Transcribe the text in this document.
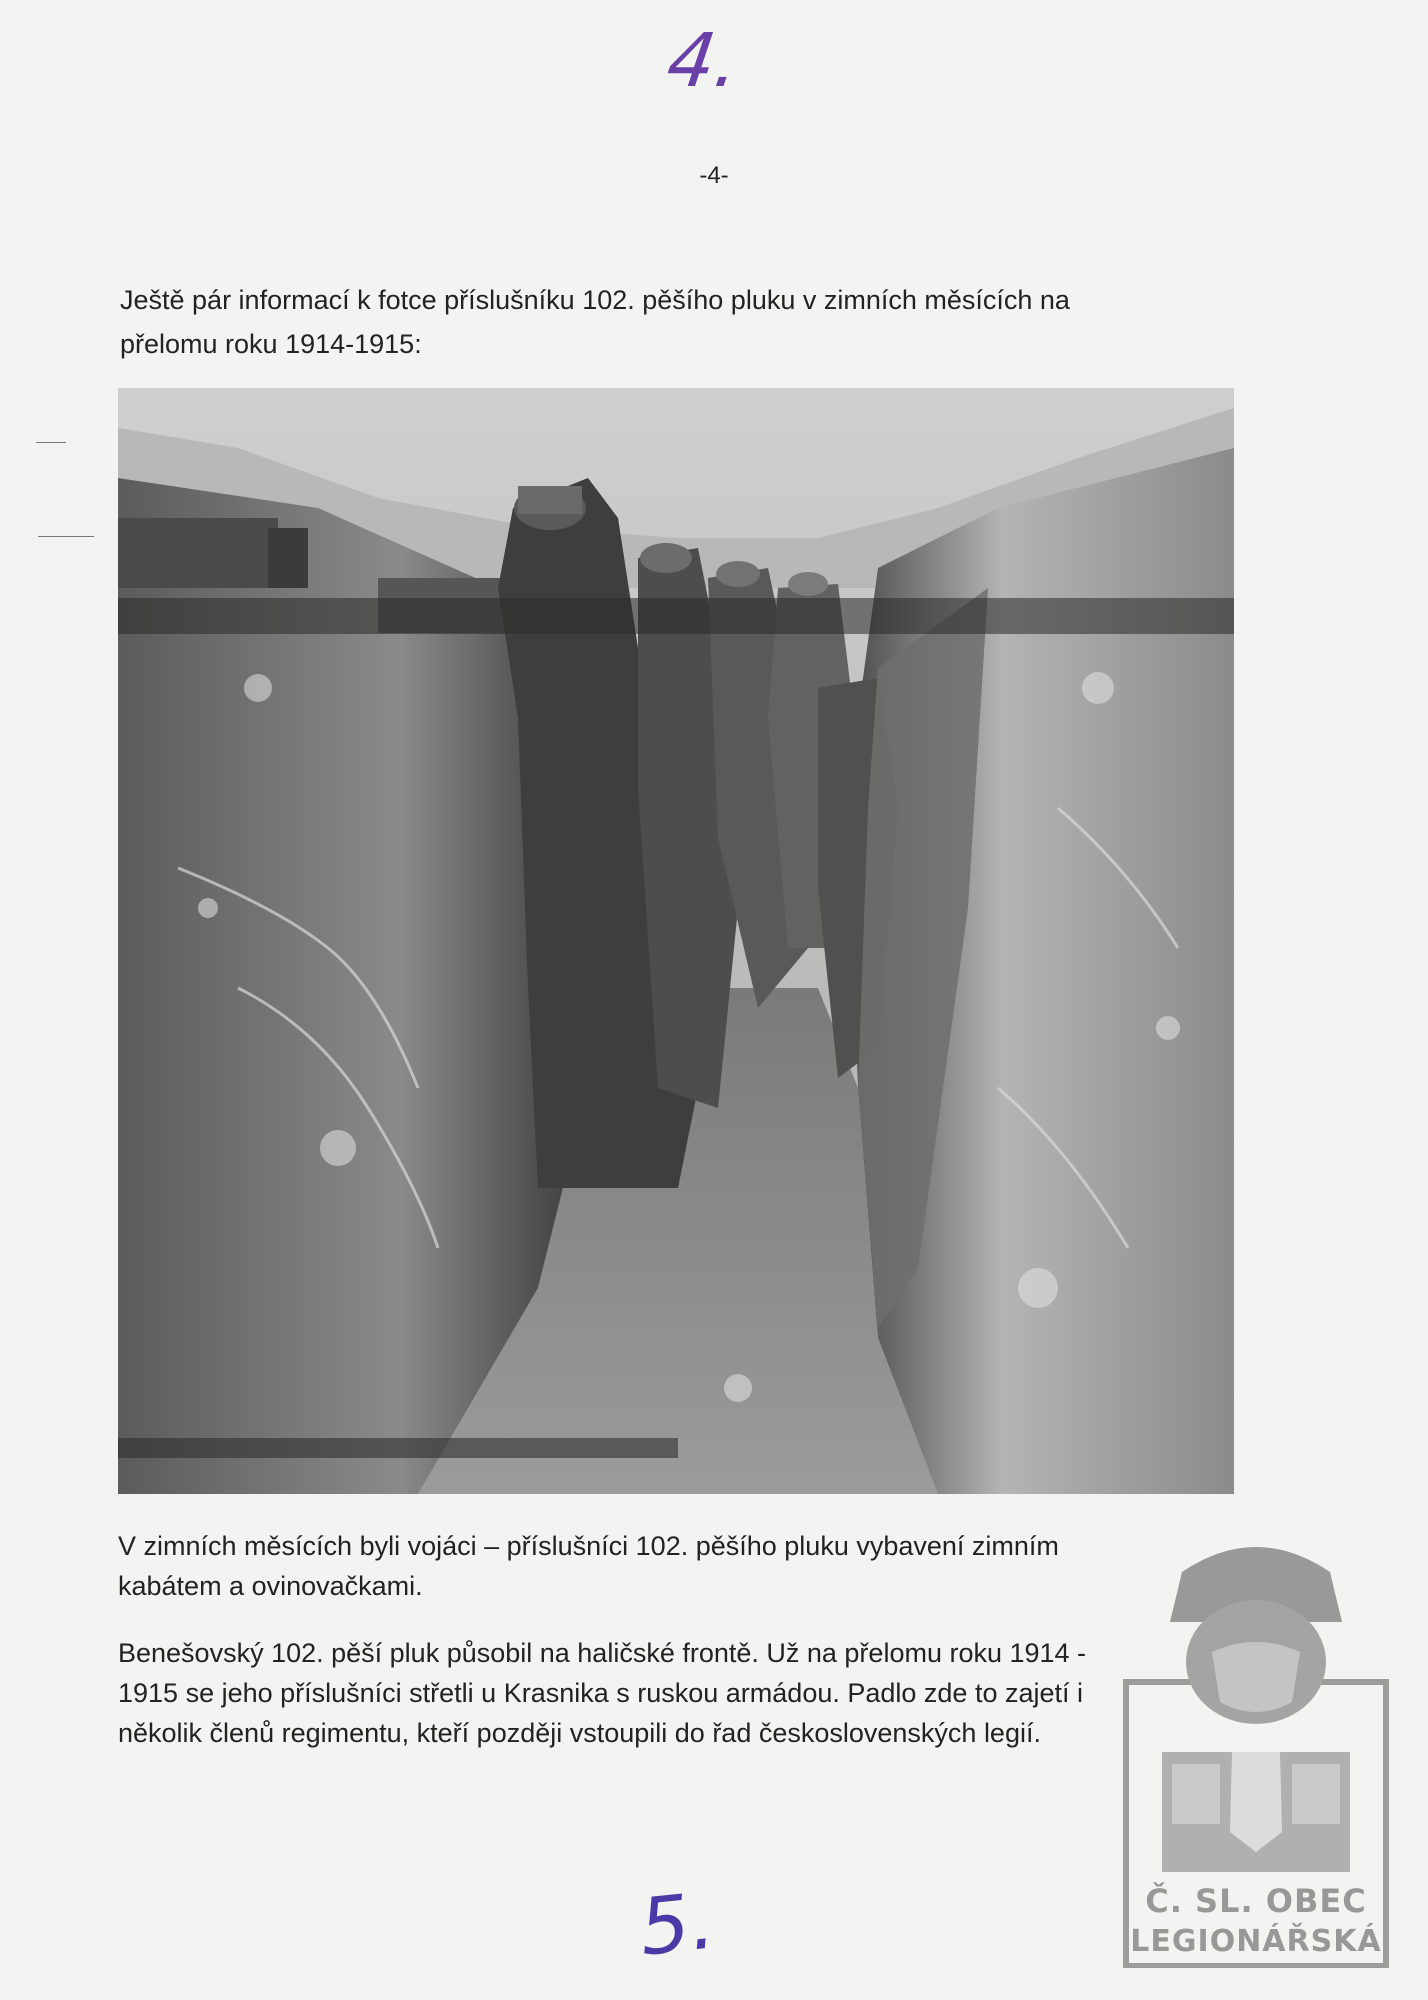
4.
-4-
Ještě pár informací k fotce příslušníku 102. pěšího pluku v zimních měsících na
přelomu roku 1914-1915:
V zimních měsících byli vojáci – příslušníci 102. pěšího pluku vybavení zimním
kabátem a ovinovačkami.
Benešovský 102. pěší pluk působil na haličské frontě. Už na přelomu roku 1914 -
1915 se jeho příslušníci střetli u Krasnika s ruskou armádou. Padlo zde to zajetí i
několik členů regimentu, kteří později vstoupili do řad československých legií.
Č. SL. OBEC
LEGIONÁŘSKÁ
5.
